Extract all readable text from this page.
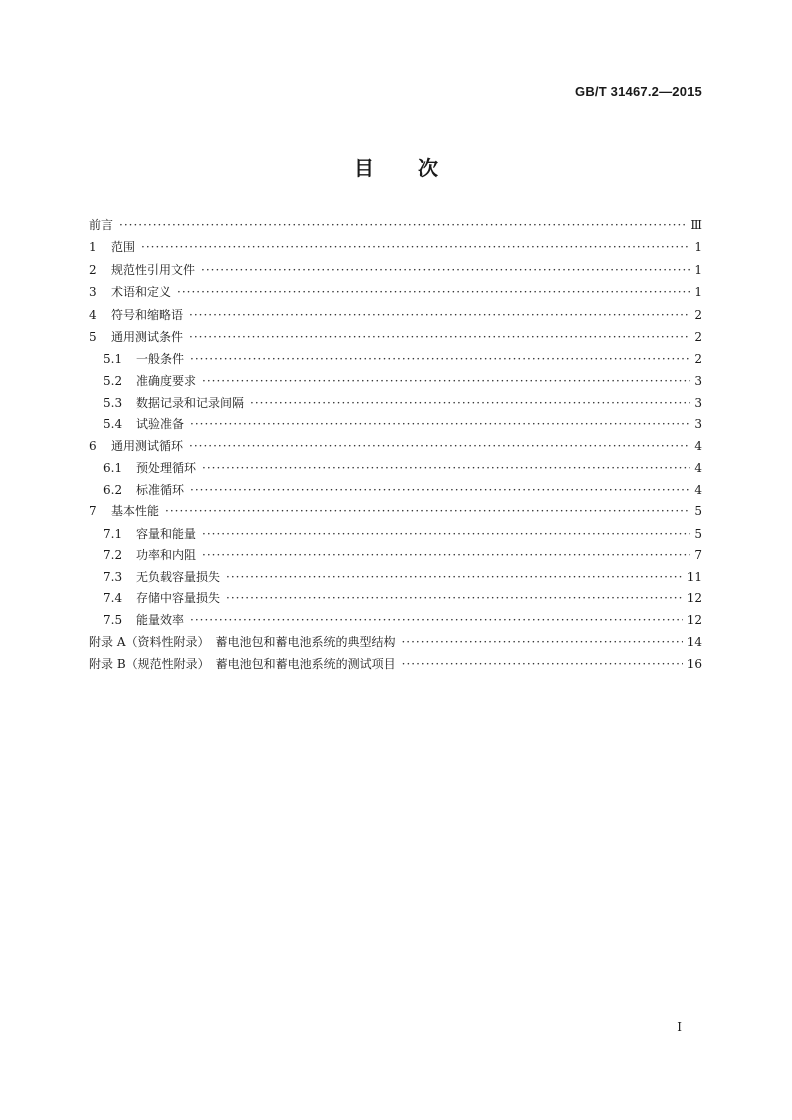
GB/T 31467.2—2015
目次
前言 ·····	Ⅲ
1	范围 ·····	1
2	规范性引用文件 ·····	1
3	术语和定义 ·····	1
4	符号和缩略语 ·····	2
5	通用测试条件 ·····	2
5.1	一般条件 ·····	2
5.2	准确度要求 ·····	3
5.3	数据记录和记录间隔 ·····	3
5.4	试验准备 ·····	3
6	通用测试循环 ·····	4
6.1	预处理循环 ·····	4
6.2	标准循环 ·····	4
7	基本性能 ·····	5
7.1	容量和能量 ·····	5
7.2	功率和内阻 ·····	7
7.3	无负载容量损失 ·····	11
7.4	存储中容量损失 ·····	12
7.5	能量效率 ·····	12
附录 A（资料性附录）　蓄电池包和蓄电池系统的典型结构 ·····	14
附录 B（规范性附录）　蓄电池包和蓄电池系统的测试项目 ·····	16
I
